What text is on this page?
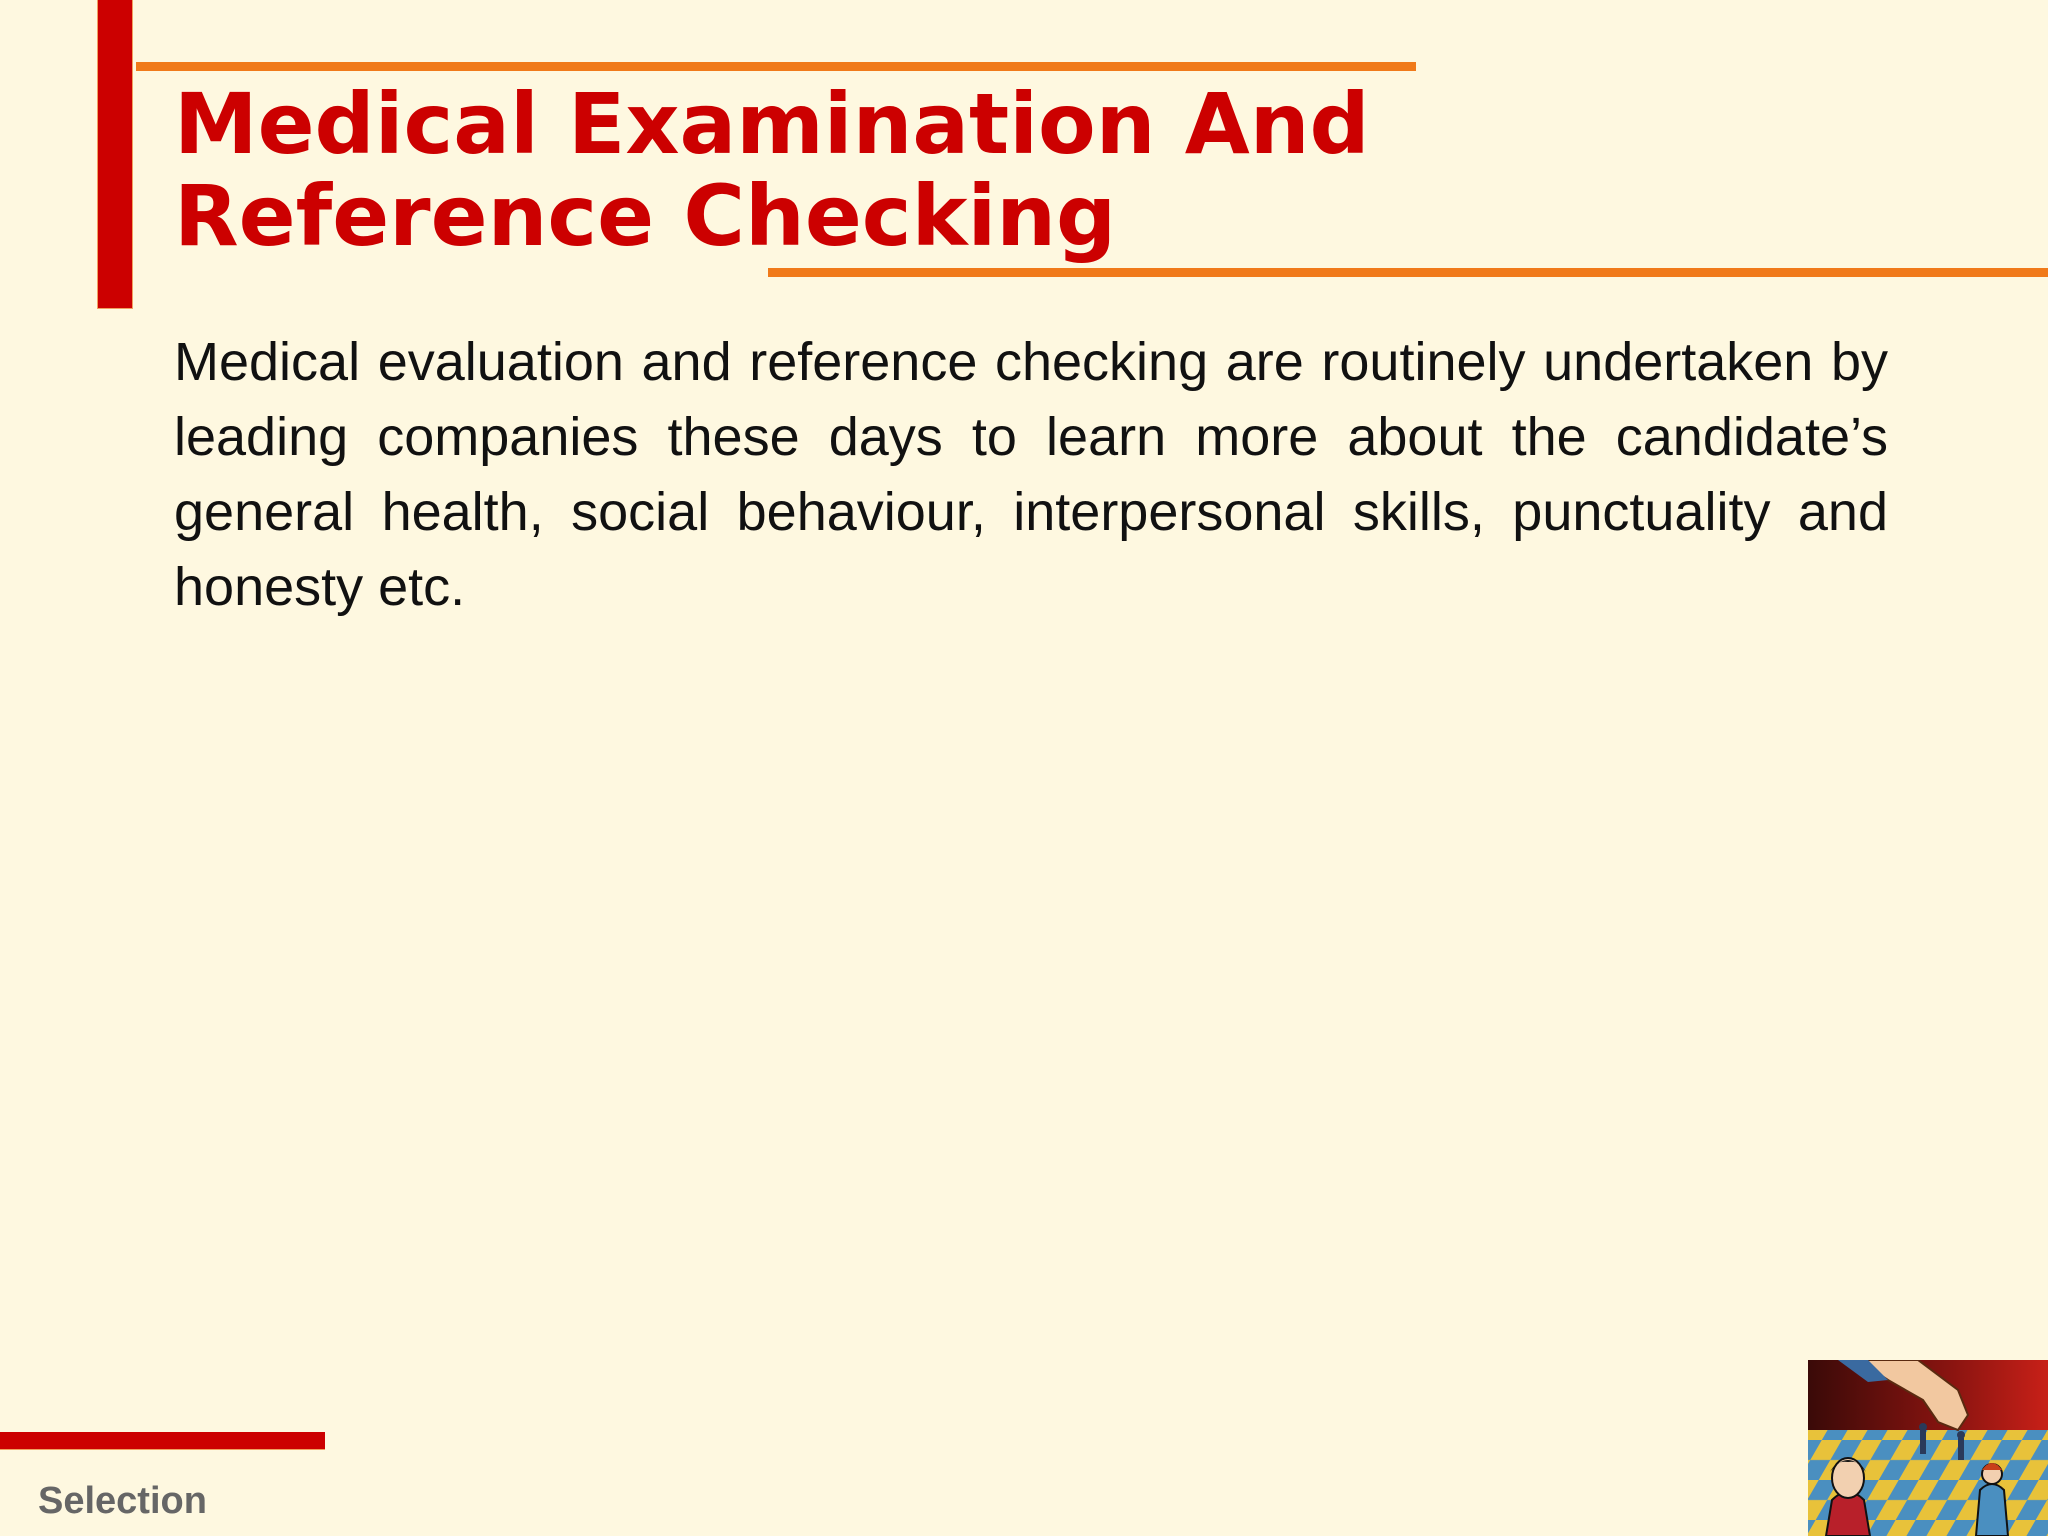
Medical Examination And
Reference Checking

Medical evaluation and reference checking are routinely undertaken by leading companies these days to learn more about the candidate’s general health, social behaviour, interpersonal skills, punctuality and honesty etc.

Selection
